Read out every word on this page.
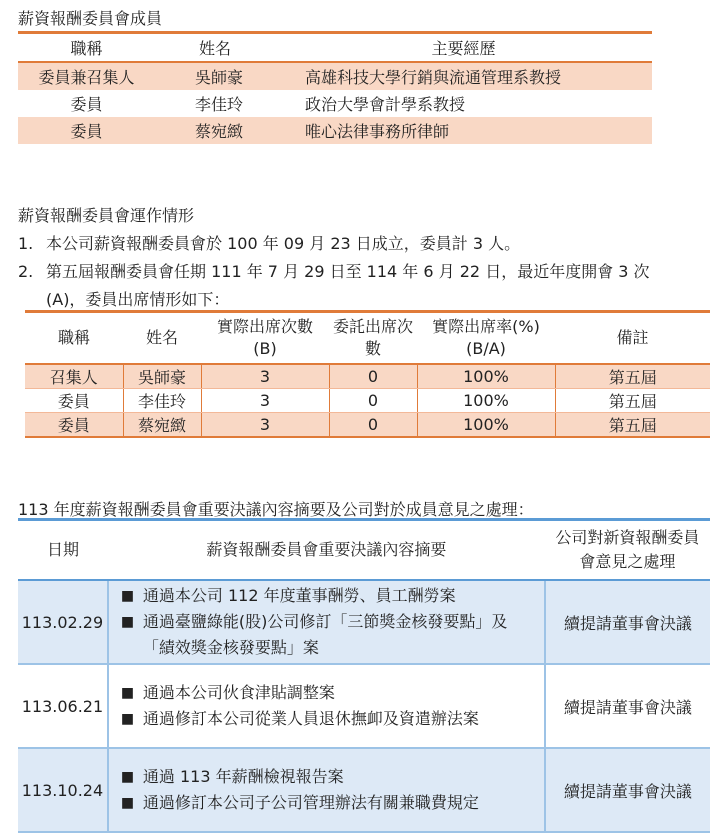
薪資報酬委員會成員

職稱	姓名	主要經歷
委員兼召集人	吳師豪	高雄科技大學行銷與流通管理系教授
委員	李佳玲	政治大學會計學系教授
委員	蔡宛緻	唯心法律事務所律師

薪資報酬委員會運作情形

1. 本公司薪資報酬委員會於 100 年 09 月 23 日成立，委員計 3 人。
2. 第五屆報酬委員會任期 111 年 7 月 29 日至 114 年 6 月 22 日，最近年度開會 3 次(A)，委員出席情形如下：
職稱	姓名	實際出席次數 (B)	委託出席次數	實際出席率(%) (B/A)	備註
召集人	吳師豪	3	0	100%	第五屆
委員	李佳玲	3	0	100%	第五屆
委員	蔡宛緻	3	0	100%	第五屆

113 年度薪資報酬委員會重要決議內容摘要及公司對於成員意見之處理：

日期	薪資報酬委員會重要決議內容摘要	公司對新資報酬委員會意見之處理
113.02.29	■ 通過本公司 112 年度董事酬勞、員工酬勞案
■ 通過臺鹽綠能(股)公司修訂「三節獎金核發要點」及「績效獎金核發要點」案	續提請董事會決議
113.06.21	■ 通過本公司伙食津貼調整案
■ 通過修訂本公司從業人員退休撫卹及資遣辦法案	續提請董事會決議
113.10.24	■ 通過 113 年薪酬檢視報告案
■ 通過修訂本公司子公司管理辦法有關兼職費規定	續提請董事會決議
